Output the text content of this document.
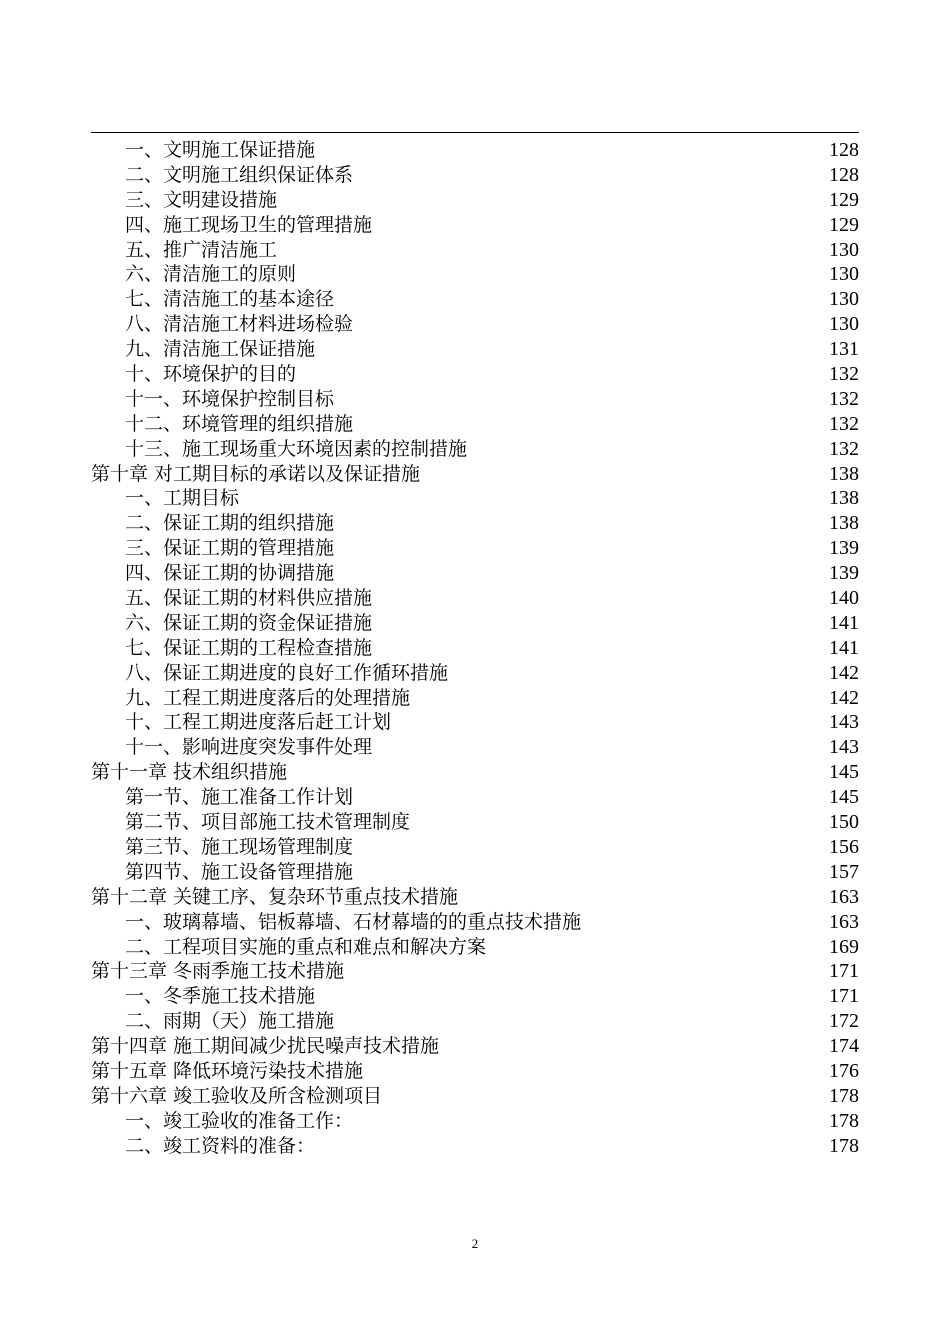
一、文明施工保证措施	128
二、文明施工组织保证体系	128
三、文明建设措施	129
四、施工现场卫生的管理措施	129
五、推广清洁施工	130
六、清洁施工的原则	130
七、清洁施工的基本途径	130
八、清洁施工材料进场检验	130
九、清洁施工保证措施	131
十、环境保护的目的	132
十一、环境保护控制目标	132
十二、环境管理的组织措施	132
十三、施工现场重大环境因素的控制措施	132
第十章 对工期目标的承诺以及保证措施	138
一、工期目标	138
二、保证工期的组织措施	138
三、保证工期的管理措施	139
四、保证工期的协调措施	139
五、保证工期的材料供应措施	140
六、保证工期的资金保证措施	141
七、保证工期的工程检查措施	141
八、保证工期进度的良好工作循环措施	142
九、工程工期进度落后的处理措施	142
十、工程工期进度落后赶工计划	143
十一、影响进度突发事件处理	143
第十一章 技术组织措施	145
第一节、施工准备工作计划	145
第二节、项目部施工技术管理制度	150
第三节、施工现场管理制度	156
第四节、施工设备管理措施	157
第十二章 关键工序、复杂环节重点技术措施	163
一、玻璃幕墙、铝板幕墙、石材幕墙的的重点技术措施	163
二、工程项目实施的重点和难点和解决方案	169
第十三章 冬雨季施工技术措施	171
一、冬季施工技术措施	171
二、雨期（天）施工措施	172
第十四章 施工期间减少扰民噪声技术措施	174
第十五章 降低环境污染技术措施	176
第十六章 竣工验收及所含检测项目	178
一、竣工验收的准备工作：	178
二、竣工资料的准备：	178
2
